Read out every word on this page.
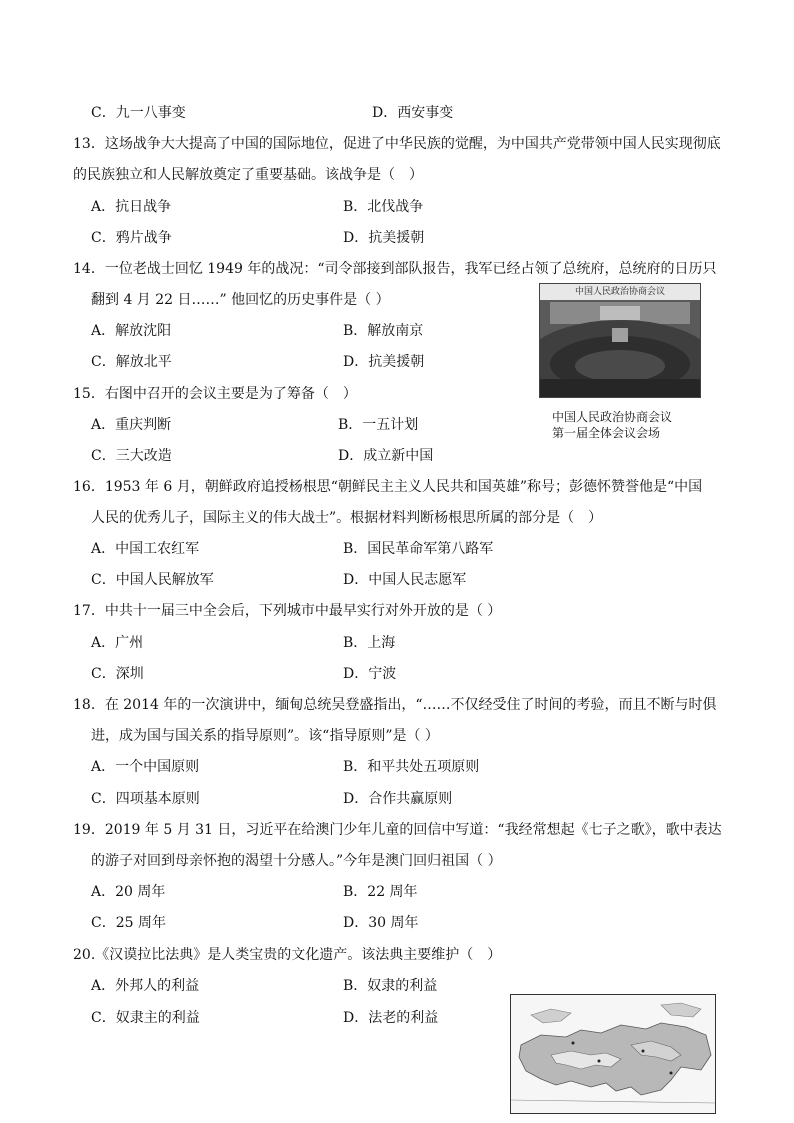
C．九一八事变	D．西安事变
13．这场战争大大提高了中国的国际地位，促进了中华民族的觉醒，为中国共产党带领中国人民实现彻底
的民族独立和人民解放奠定了重要基础。该战争是（　）
A．抗日战争	B．北伐战争
C．鸦片战争	D．抗美援朝
14．一位老战士回忆 1949 年的战况：“司令部接到部队报告，我军已经占领了总统府，总统府的日历只
翻到 4 月 22 日……” 他回忆的历史事件是（ ）
A．解放沈阳	B．解放南京
C．解放北平	D．抗美援朝
15．右图中召开的会议主要是为了筹备（　）
A．重庆判断	B．一五计划
C．三大改造	D．成立新中国
中国人民政治协商会议
中国人民政治协商会议
第一届全体会议会场
16．1953 年 6 月，朝鲜政府追授杨根思“朝鲜民主主义人民共和国英雄”称号；彭德怀赞誉他是“中国
人民的优秀儿子，国际主义的伟大战士”。根据材料判断杨根思所属的部分是（　）
A．中国工农红军	B．国民革命军第八路军
C．中国人民解放军	D．中国人民志愿军
17．中共十一届三中全会后，下列城市中最早实行对外开放的是（ ）
A．广州	B．上海
C．深圳	D．宁波
18．在 2014 年的一次演讲中，缅甸总统吴登盛指出，“……不仅经受住了时间的考验，而且不断与时俱
进，成为国与国关系的指导原则”。该“指导原则”是（ ）
A．一个中国原则	B．和平共处五项原则
C．四项基本原则	D．合作共赢原则
19．2019 年 5 月 31 日，习近平在给澳门少年儿童的回信中写道：“我经常想起《七子之歌》，歌中表达
的游子对回到母亲怀抱的渴望十分感人。”今年是澳门回归祖国（ ）
A．20 周年	B．22 周年
C．25 周年	D．30 周年
20.《汉谟拉比法典》是人类宝贵的文化遗产。该法典主要维护（　）
A．外邦人的利益	B．奴隶的利益
C．奴隶主的利益	D．法老的利益
